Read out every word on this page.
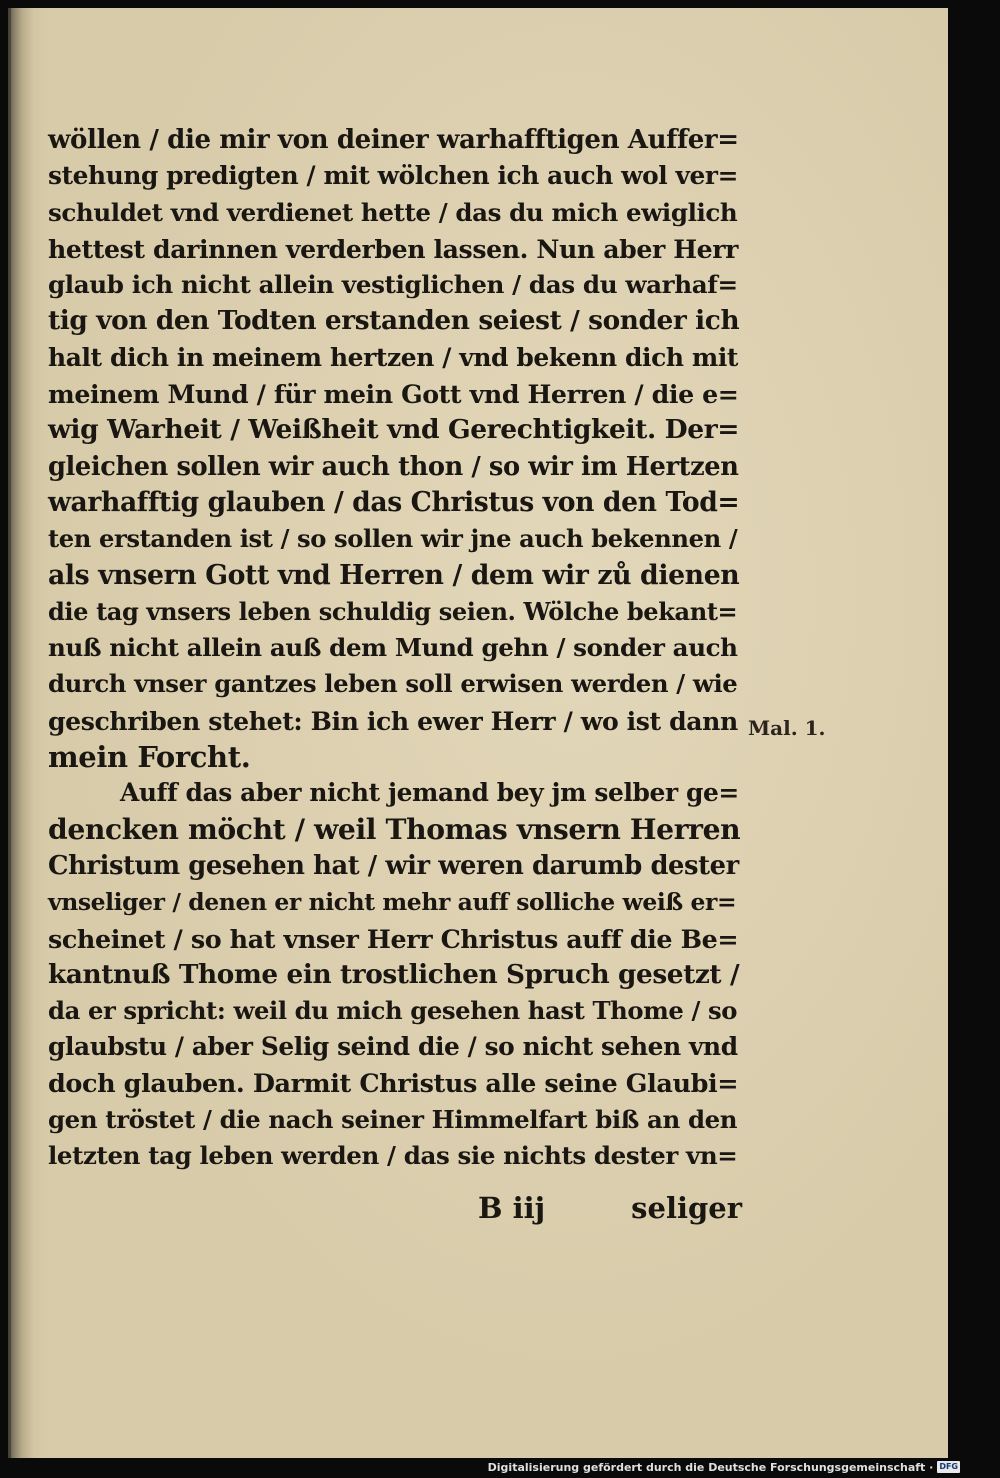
wöllen / die mir von deiner warhafftigen Auffer=
stehung predigten / mit wölchen ich auch wol ver=
schuldet vnd verdienet hette / das du mich ewiglich
hettest darinnen verderben lassen. Nun aber Herr
glaub ich nicht allein vestiglichen / das du warhaf=
tig von den Todten erstanden seiest / sonder ich
halt dich in meinem hertzen / vnd bekenn dich mit
meinem Mund / für mein Gott vnd Herren / die e=
wig Warheit / Weißheit vnd Gerechtigkeit. Der=
gleichen sollen wir auch thon / so wir im Hertzen
warhafftig glauben / das Christus von den Tod=
ten erstanden ist / so sollen wir jne auch bekennen /
als vnsern Gott vnd Herren / dem wir zů dienen
die tag vnsers leben schuldig seien. Wölche bekant=
nuß nicht allein auß dem Mund gehn / sonder auch
durch vnser gantzes leben soll erwisen werden / wie
geschriben stehet: Bin ich ewer Herr / wo ist dann
mein Forcht.
Auff das aber nicht jemand bey jm selber ge=
dencken möcht / weil Thomas vnsern Herren
Christum gesehen hat / wir weren darumb dester
vnseliger / denen er nicht mehr auff solliche weiß er=
scheinet / so hat vnser Herr Christus auff die Be=
kantnuß Thome ein trostlichen Spruch gesetzt /
da er spricht: weil du mich gesehen hast Thome / so
glaubstu / aber Selig seind die / so nicht sehen vnd
doch glauben. Darmit Christus alle seine Glaubi=
gen tröstet / die nach seiner Himmelfart biß an den
letzten tag leben werden / das sie nichts dester vn=
B iij	seliger
Mal. 1.
Digitalisierung gefördert durch die Deutsche Forschungsgemeinschaft · DFG
